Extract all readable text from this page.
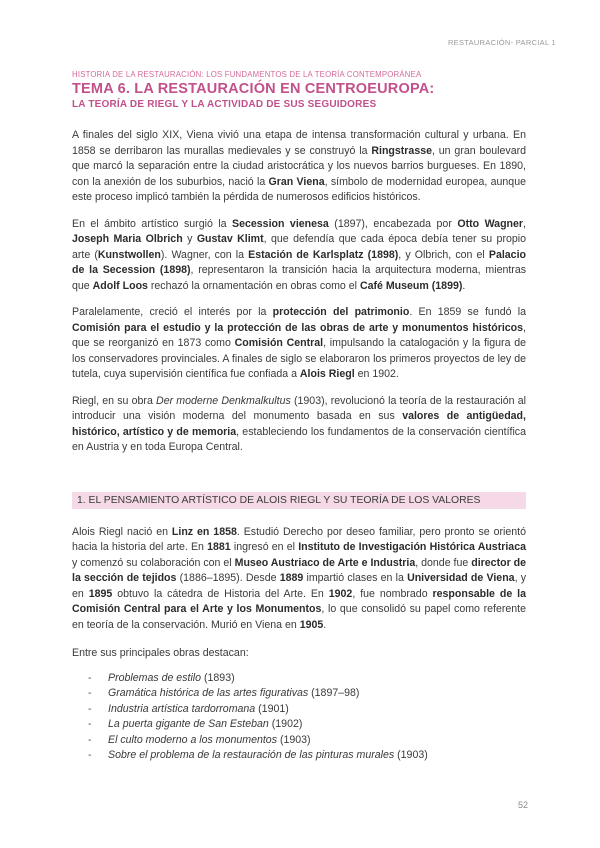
RESTAURACIÓN- PARCIAL 1

HISTORIA DE LA RESTAURACIÓN: LOS FUNDAMENTOS DE LA TEORÍA CONTEMPORÁNEA

TEMA 6. LA RESTAURACIÓN EN CENTROEUROPA:
LA TEORÍA DE RIEGL Y LA ACTIVIDAD DE SUS SEGUIDORES

A finales del siglo XIX, Viena vivió una etapa de intensa transformación cultural y urbana. En 1858 se derribaron las murallas medievales y se construyó la Ringstrasse, un gran boulevard que marcó la separación entre la ciudad aristocrática y los nuevos barrios burgueses. En 1890, con la anexión de los suburbios, nació la Gran Viena, símbolo de modernidad europea, aunque este proceso implicó también la pérdida de numerosos edificios históricos.

En el ámbito artístico surgió la Secession vienesa (1897), encabezada por Otto Wagner, Joseph Maria Olbrich y Gustav Klimt, que defendía que cada época debía tener su propio arte (Kunstwollen). Wagner, con la Estación de Karlsplatz (1898), y Olbrich, con el Palacio de la Secession (1898), representaron la transición hacia la arquitectura moderna, mientras que Adolf Loos rechazó la ornamentación en obras como el Café Museum (1899).

Paralelamente, creció el interés por la protección del patrimonio. En 1859 se fundó la Comisión para el estudio y la protección de las obras de arte y monumentos históricos, que se reorganizó en 1873 como Comisión Central, impulsando la catalogación y la figura de los conservadores provinciales. A finales de siglo se elaboraron los primeros proyectos de ley de tutela, cuya supervisión científica fue confiada a Alois Riegl en 1902.

Riegl, en su obra Der moderne Denkmalkultus (1903), revolucionó la teoría de la restauración al introducir una visión moderna del monumento basada en sus valores de antigüedad, histórico, artístico y de memoria, estableciendo los fundamentos de la conservación científica en Austria y en toda Europa Central.

1. EL PENSAMIENTO ARTÍSTICO DE ALOIS RIEGL Y SU TEORÍA DE LOS VALORES

Alois Riegl nació en Linz en 1858. Estudió Derecho por deseo familiar, pero pronto se orientó hacia la historia del arte. En 1881 ingresó en el Instituto de Investigación Histórica Austriaca y comenzó su colaboración con el Museo Austriaco de Arte e Industria, donde fue director de la sección de tejidos (1886–1895). Desde 1889 impartió clases en la Universidad de Viena, y en 1895 obtuvo la cátedra de Historia del Arte. En 1902, fue nombrado responsable de la Comisión Central para el Arte y los Monumentos, lo que consolidó su papel como referente en teoría de la conservación. Murió en Viena en 1905.

Entre sus principales obras destacan:

- Problemas de estilo (1893)
- Gramática histórica de las artes figurativas (1897–98)
- Industria artística tardorromana (1901)
- La puerta gigante de San Esteban (1902)
- El culto moderno a los monumentos (1903)
- Sobre el problema de la restauración de las pinturas murales (1903)
52
